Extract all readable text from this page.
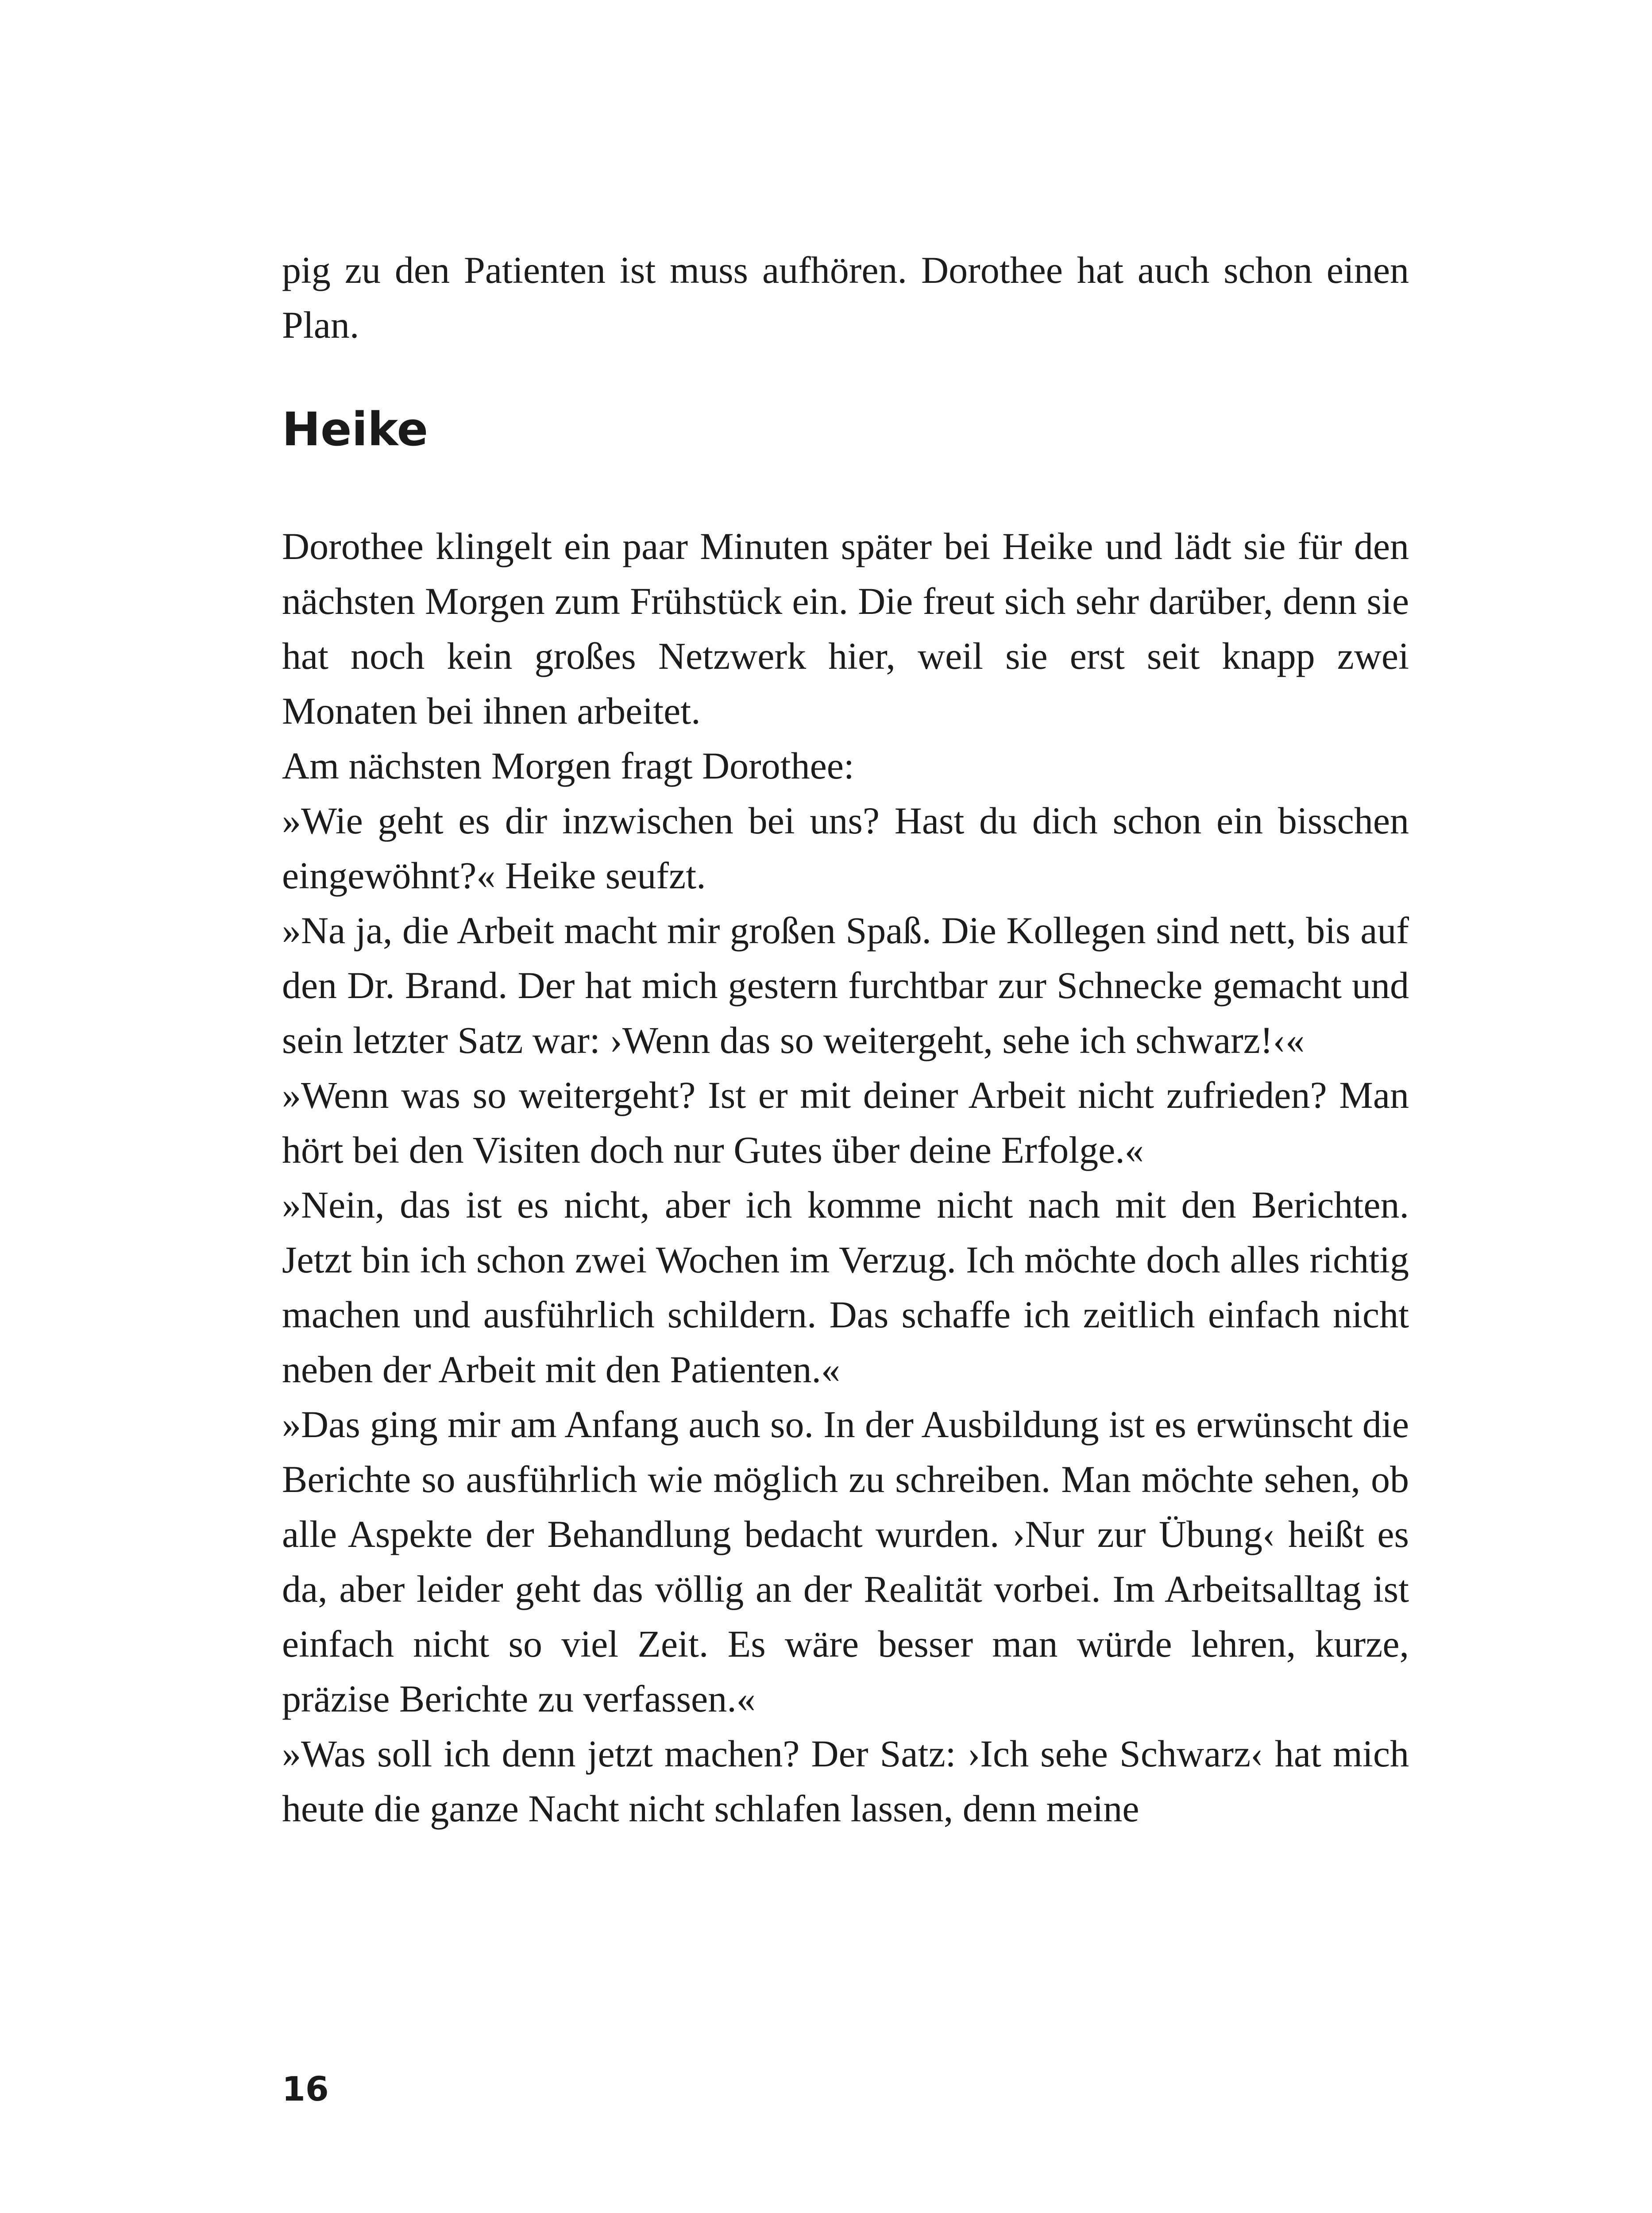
pig zu den Patienten ist muss aufhören. Dorothee hat auch schon einen Plan.

Heike

Dorothee klingelt ein paar Minuten später bei Heike und lädt sie für den nächsten Morgen zum Frühstück ein. Die freut sich sehr darüber, denn sie hat noch kein großes Netzwerk hier, weil sie erst seit knapp zwei Monaten bei ihnen arbeitet.

Am nächsten Morgen fragt Dorothee:

»Wie geht es dir inzwischen bei uns? Hast du dich schon ein bisschen eingewöhnt?« Heike seufzt.

»Na ja, die Arbeit macht mir großen Spaß. Die Kollegen sind nett, bis auf den Dr. Brand. Der hat mich gestern furchtbar zur Schnecke gemacht und sein letzter Satz war: ›Wenn das so weitergeht, sehe ich schwarz!‹«

»Wenn was so weitergeht? Ist er mit deiner Arbeit nicht zufrieden? Man hört bei den Visiten doch nur Gutes über deine Erfolge.«

»Nein, das ist es nicht, aber ich komme nicht nach mit den Berichten. Jetzt bin ich schon zwei Wochen im Verzug. Ich möchte doch alles richtig machen und ausführlich schildern. Das schaffe ich zeitlich einfach nicht neben der Arbeit mit den Patienten.«

»Das ging mir am Anfang auch so. In der Ausbildung ist es erwünscht die Berichte so ausführlich wie möglich zu schreiben. Man möchte sehen, ob alle Aspekte der Behandlung bedacht wurden. ›Nur zur Übung‹ heißt es da, aber leider geht das völlig an der Realität vorbei. Im Arbeitsalltag ist einfach nicht so viel Zeit. Es wäre besser man würde lehren, kurze, präzise Berichte zu verfassen.«

»Was soll ich denn jetzt machen? Der Satz: ›Ich sehe Schwarz‹ hat mich heute die ganze Nacht nicht schlafen lassen, denn meine

16
